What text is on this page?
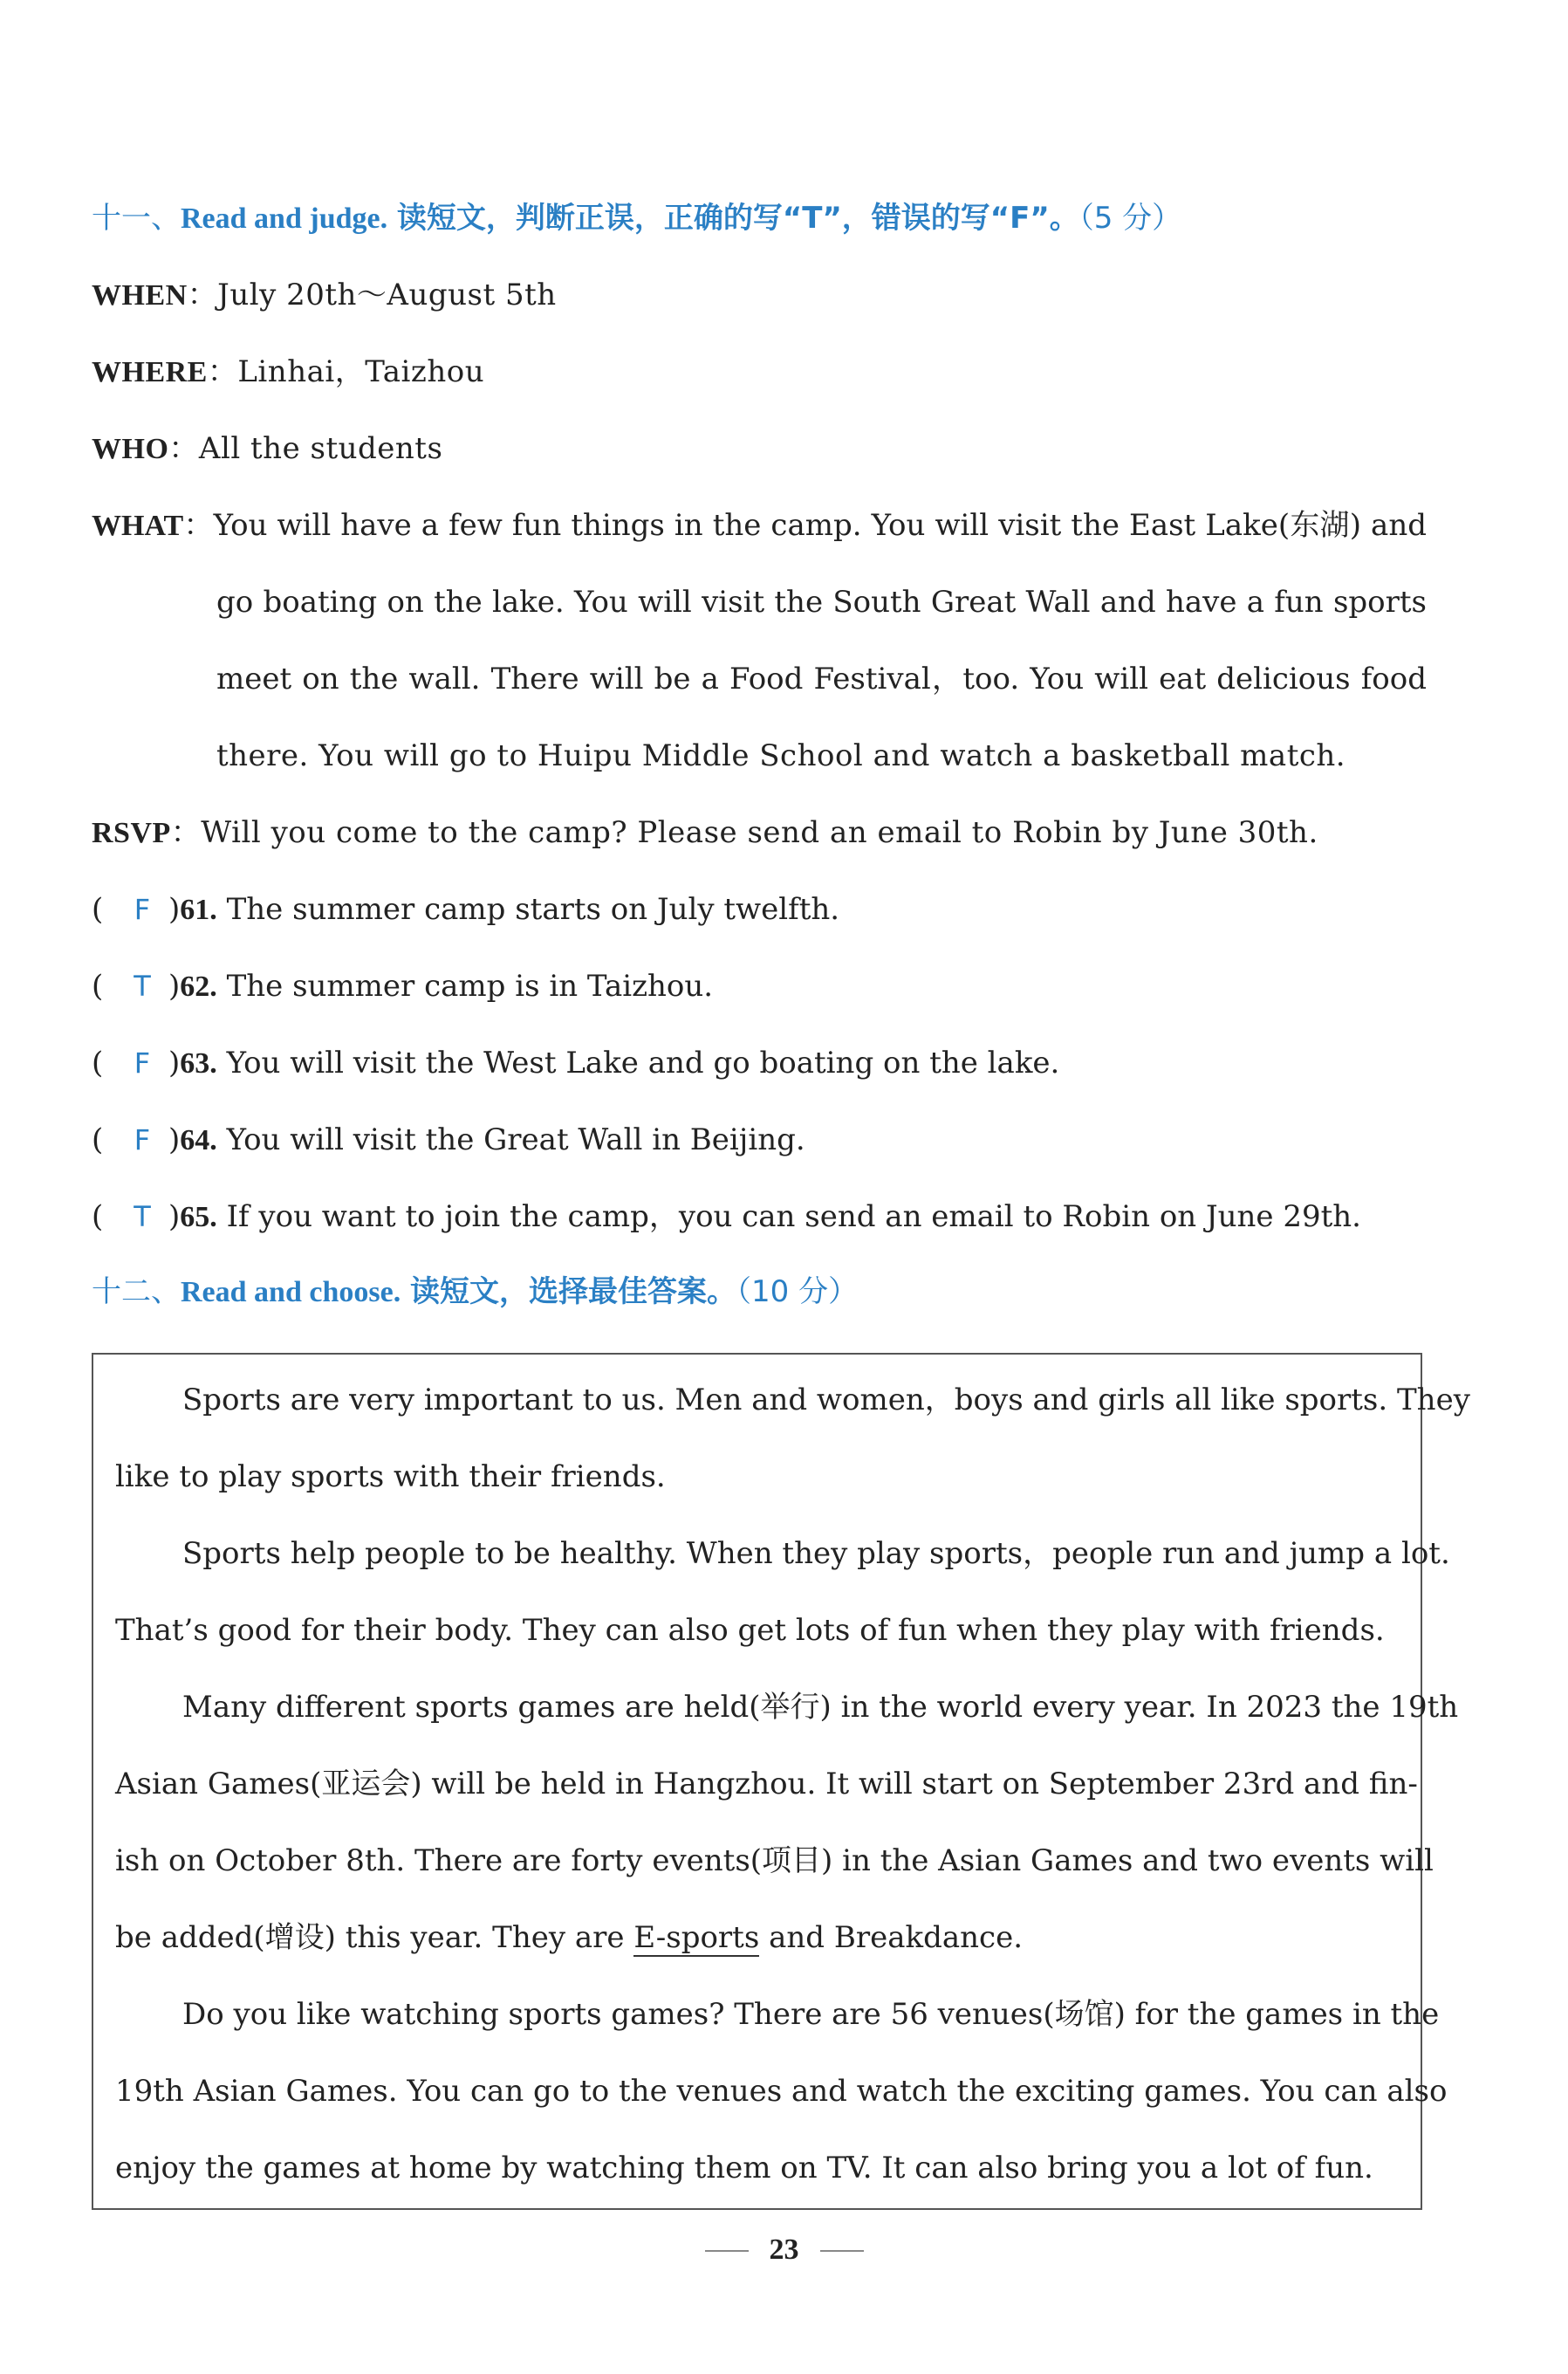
十一、Read and judge. 读短文，判断正误，正确的写“T”，错误的写“F”。（5 分）
WHEN：July 20th～August 5th
WHERE：Linhai，Taizhou
WHO：All the students
WHAT：You will have a few fun things in the camp. You will visit the East Lake(东湖) and
go boating on the lake. You will visit the South Great Wall and have a fun sports
meet on the wall. There will be a Food Festival，too. You will eat delicious food
there. You will go to Huipu Middle School and watch a basketball match.
RSVP：Will you come to the camp? Please send an email to Robin by June 30th.
( F )61. The summer camp starts on July twelfth.
( T )62. The summer camp is in Taizhou.
( F )63. You will visit the West Lake and go boating on the lake.
( F )64. You will visit the Great Wall in Beijing.
( T )65. If you want to join the camp，you can send an email to Robin on June 29th.
十二、Read and choose. 读短文，选择最佳答案。（10 分）
Sports are very important to us. Men and women，boys and girls all like sports. They
like to play sports with their friends.
Sports help people to be healthy. When they play sports，people run and jump a lot.
That’s good for their body. They can also get lots of fun when they play with friends.
Many different sports games are held(举行) in the world every year. In 2023 the 19th
Asian Games(亚运会) will be held in Hangzhou. It will start on September 23rd and fin-
ish on October 8th. There are forty events(项目) in the Asian Games and two events will
be added(增设) this year. They are E-sports and Breakdance.
Do you like watching sports games? There are 56 venues(场馆) for the games in the
19th Asian Games. You can go to the venues and watch the exciting games. You can also
enjoy the games at home by watching them on TV. It can also bring you a lot of fun.
23
